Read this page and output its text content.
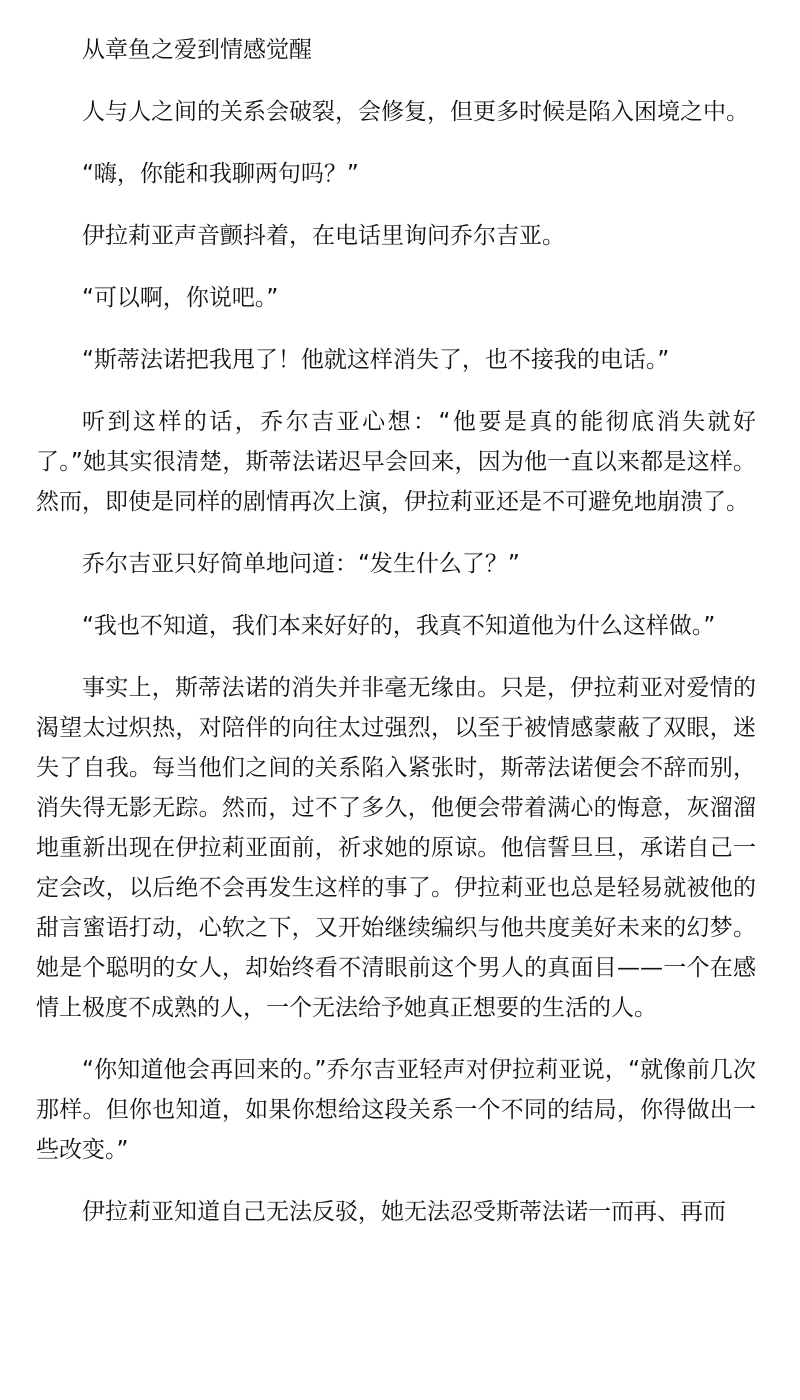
从章鱼之爱到情感觉醒

人与人之间的关系会破裂，会修复，但更多时候是陷入困境之中。

“嗨，你能和我聊两句吗？”

伊拉莉亚声音颤抖着，在电话里询问乔尔吉亚。

“可以啊，你说吧。”

“斯蒂法诺把我甩了！他就这样消失了，也不接我的电话。”

听到这样的话，乔尔吉亚心想：“他要是真的能彻底消失就好了。”她其实很清楚，斯蒂法诺迟早会回来，因为他一直以来都是这样。然而，即使是同样的剧情再次上演，伊拉莉亚还是不可避免地崩溃了。

乔尔吉亚只好简单地问道：“发生什么了？”

“我也不知道，我们本来好好的，我真不知道他为什么这样做。”

事实上，斯蒂法诺的消失并非毫无缘由。只是，伊拉莉亚对爱情的渴望太过炽热，对陪伴的向往太过强烈，以至于被情感蒙蔽了双眼，迷失了自我。每当他们之间的关系陷入紧张时，斯蒂法诺便会不辞而别，消失得无影无踪。然而，过不了多久，他便会带着满心的悔意，灰溜溜地重新出现在伊拉莉亚面前，祈求她的原谅。他信誓旦旦，承诺自己一定会改，以后绝不会再发生这样的事了。伊拉莉亚也总是轻易就被他的甜言蜜语打动，心软之下，又开始继续编织与他共度美好未来的幻梦。她是个聪明的女人，却始终看不清眼前这个男人的真面目——一个在感情上极度不成熟的人，一个无法给予她真正想要的生活的人。

“你知道他会再回来的。”乔尔吉亚轻声对伊拉莉亚说，“就像前几次那样。但你也知道，如果你想给这段关系一个不同的结局，你得做出一些改变。”

伊拉莉亚知道自己无法反驳，她无法忍受斯蒂法诺一而再、再而
